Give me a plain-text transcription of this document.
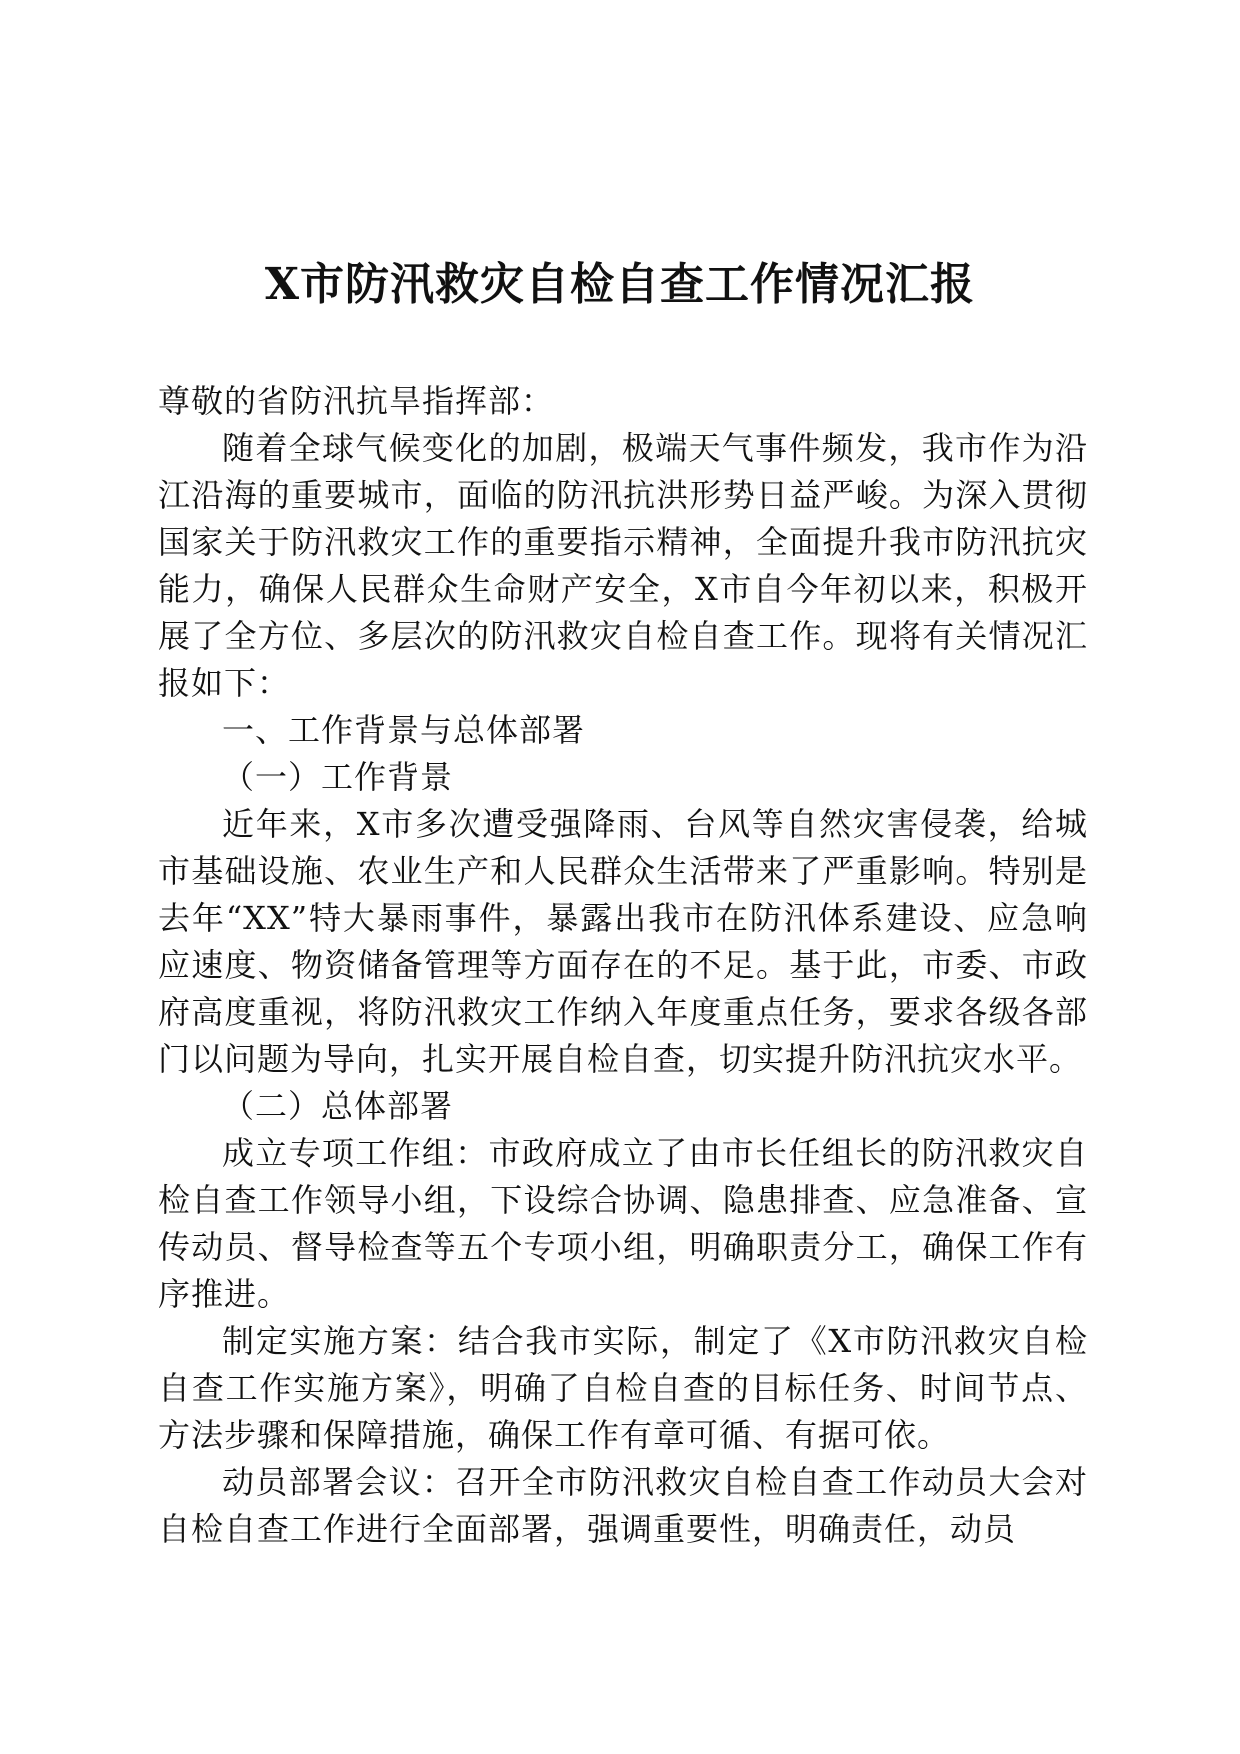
X市防汛救灾自检自查工作情况汇报

尊敬的省防汛抗旱指挥部：

随着全球气候变化的加剧，极端天气事件频发，我市作为沿江沿海的重要城市，面临的防汛抗洪形势日益严峻。为深入贯彻国家关于防汛救灾工作的重要指示精神，全面提升我市防汛抗灾能力，确保人民群众生命财产安全，X市自今年初以来，积极开展了全方位、多层次的防汛救灾自检自查工作。现将有关情况汇报如下：

一、工作背景与总体部署

（一）工作背景

近年来，X市多次遭受强降雨、台风等自然灾害侵袭，给城市基础设施、农业生产和人民群众生活带来了严重影响。特别是去年“XX”特大暴雨事件，暴露出我市在防汛体系建设、应急响应速度、物资储备管理等方面存在的不足。基于此，市委、市政府高度重视，将防汛救灾工作纳入年度重点任务，要求各级各部门以问题为导向，扎实开展自检自查，切实提升防汛抗灾水平。

（二）总体部署

成立专项工作组：市政府成立了由市长任组长的防汛救灾自检自查工作领导小组，下设综合协调、隐患排查、应急准备、宣传动员、督导检查等五个专项小组，明确职责分工，确保工作有序推进。

制定实施方案：结合我市实际，制定了《X市防汛救灾自检自查工作实施方案》，明确了自检自查的目标任务、时间节点、方法步骤和保障措施，确保工作有章可循、有据可依。

动员部署会议：召开全市防汛救灾自检自查工作动员大会对自检自查工作进行全面部署，强调重要性，明确责任，动员
